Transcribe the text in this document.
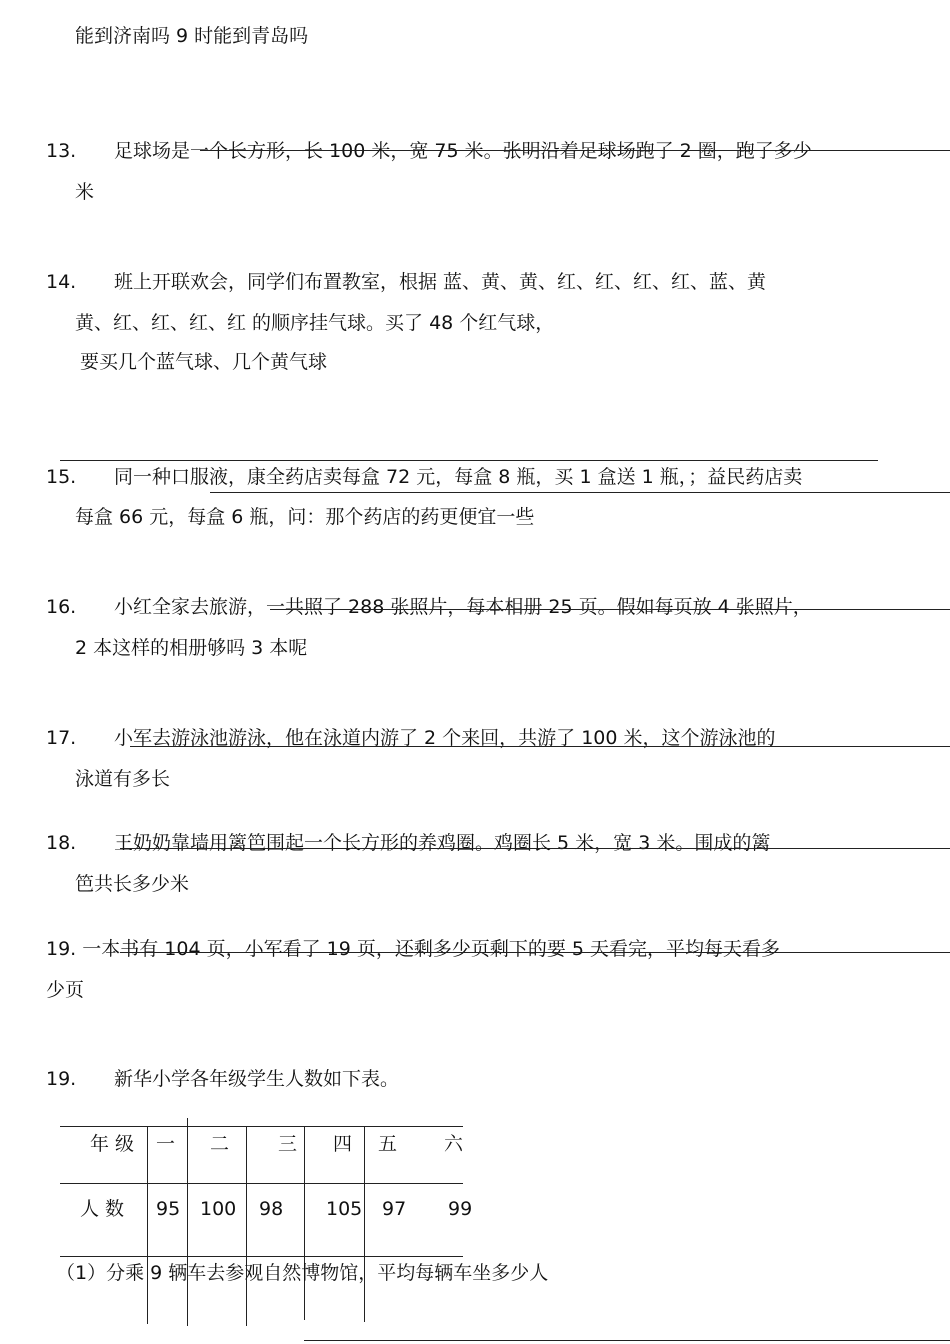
能到济南吗 9 时能到青岛吗
13. 足球场是一个长方形，长 100 米，宽 75 米。张明沿着足球场跑了 2 圈，跑了多少
米
14. 班上开联欢会，同学们布置教室，根据 蓝、黄、黄、红、红、红、红、蓝、黄
黄、红、红、红、红 的顺序挂气球。买了 48 个红气球，
要买几个蓝气球、几个黄气球
15. 同一种口服液，康全药店卖每盒 72 元，每盒 8 瓶，买 1 盒送 1 瓶，；益民药店卖
每盒 66 元，每盒 6 瓶，问：那个药店的药更便宜一些
16. 小红全家去旅游，一共照了 288 张照片，每本相册 25 页。假如每页放 4 张照片，
2 本这样的相册够吗 3 本呢
17. 小军去游泳池游泳，他在泳道内游了 2 个来回，共游了 100 米，这个游泳池的
泳道有多长
18. 王奶奶靠墙用篱笆围起一个长方形的养鸡圈。鸡圈长 5 米，宽 3 米。围成的篱
笆共长多少米
19. 一本书有 104 页，小军看了 19 页，还剩多少页剩下的要 5 天看完，平均每天看多
少页
19. 新华小学各年级学生人数如下表。
年 级 一 二	三 四 五 六
人 数 95 100 98 105 97 99
（1）分乘 9 辆车去参观自然博物馆，平均每辆车坐多少人
